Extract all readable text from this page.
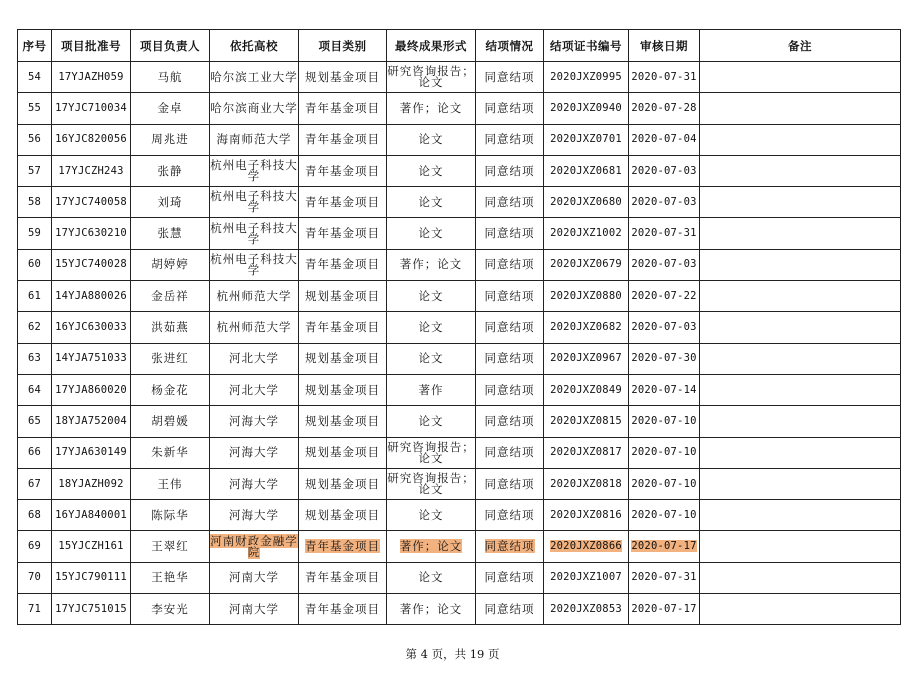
序号	项目批准号	项目负责人	依托高校	项目类别	最终成果形式	结项情况	结项证书编号	审核日期	备注
54	17YJAZH059	马航	哈尔滨工业大学	规划基金项目	研究咨询报告；论文	同意结项	2020JXZ0995	2020-07-31	
55	17YJC710034	金卓	哈尔滨商业大学	青年基金项目	著作；论文	同意结项	2020JXZ0940	2020-07-28	
56	16YJC820056	周兆进	海南师范大学	青年基金项目	论文	同意结项	2020JXZ0701	2020-07-04	
57	17YJCZH243	张静	杭州电子科技大学	青年基金项目	论文	同意结项	2020JXZ0681	2020-07-03	
58	17YJC740058	刘琦	杭州电子科技大学	青年基金项目	论文	同意结项	2020JXZ0680	2020-07-03	
59	17YJC630210	张慧	杭州电子科技大学	青年基金项目	论文	同意结项	2020JXZ1002	2020-07-31	
60	15YJC740028	胡婷婷	杭州电子科技大学	青年基金项目	著作；论文	同意结项	2020JXZ0679	2020-07-03	
61	14YJA880026	金岳祥	杭州师范大学	规划基金项目	论文	同意结项	2020JXZ0880	2020-07-22	
62	16YJC630033	洪茹燕	杭州师范大学	青年基金项目	论文	同意结项	2020JXZ0682	2020-07-03	
63	14YJA751033	张进红	河北大学	规划基金项目	论文	同意结项	2020JXZ0967	2020-07-30	
64	17YJA860020	杨金花	河北大学	规划基金项目	著作	同意结项	2020JXZ0849	2020-07-14	
65	18YJA752004	胡碧媛	河海大学	规划基金项目	论文	同意结项	2020JXZ0815	2020-07-10	
66	17YJA630149	朱新华	河海大学	规划基金项目	研究咨询报告；论文	同意结项	2020JXZ0817	2020-07-10	
67	18YJAZH092	王伟	河海大学	规划基金项目	研究咨询报告；论文	同意结项	2020JXZ0818	2020-07-10	
68	16YJA840001	陈际华	河海大学	规划基金项目	论文	同意结项	2020JXZ0816	2020-07-10	
69	15YJCZH161	王翠红	河南财政金融学院	青年基金项目	著作；论文	同意结项	2020JXZ0866	2020-07-17	
70	15YJC790111	王艳华	河南大学	青年基金项目	论文	同意结项	2020JXZ1007	2020-07-31	
71	17YJC751015	李安光	河南大学	青年基金项目	著作；论文	同意结项	2020JXZ0853	2020-07-17	
第 4 页，共 19 页
